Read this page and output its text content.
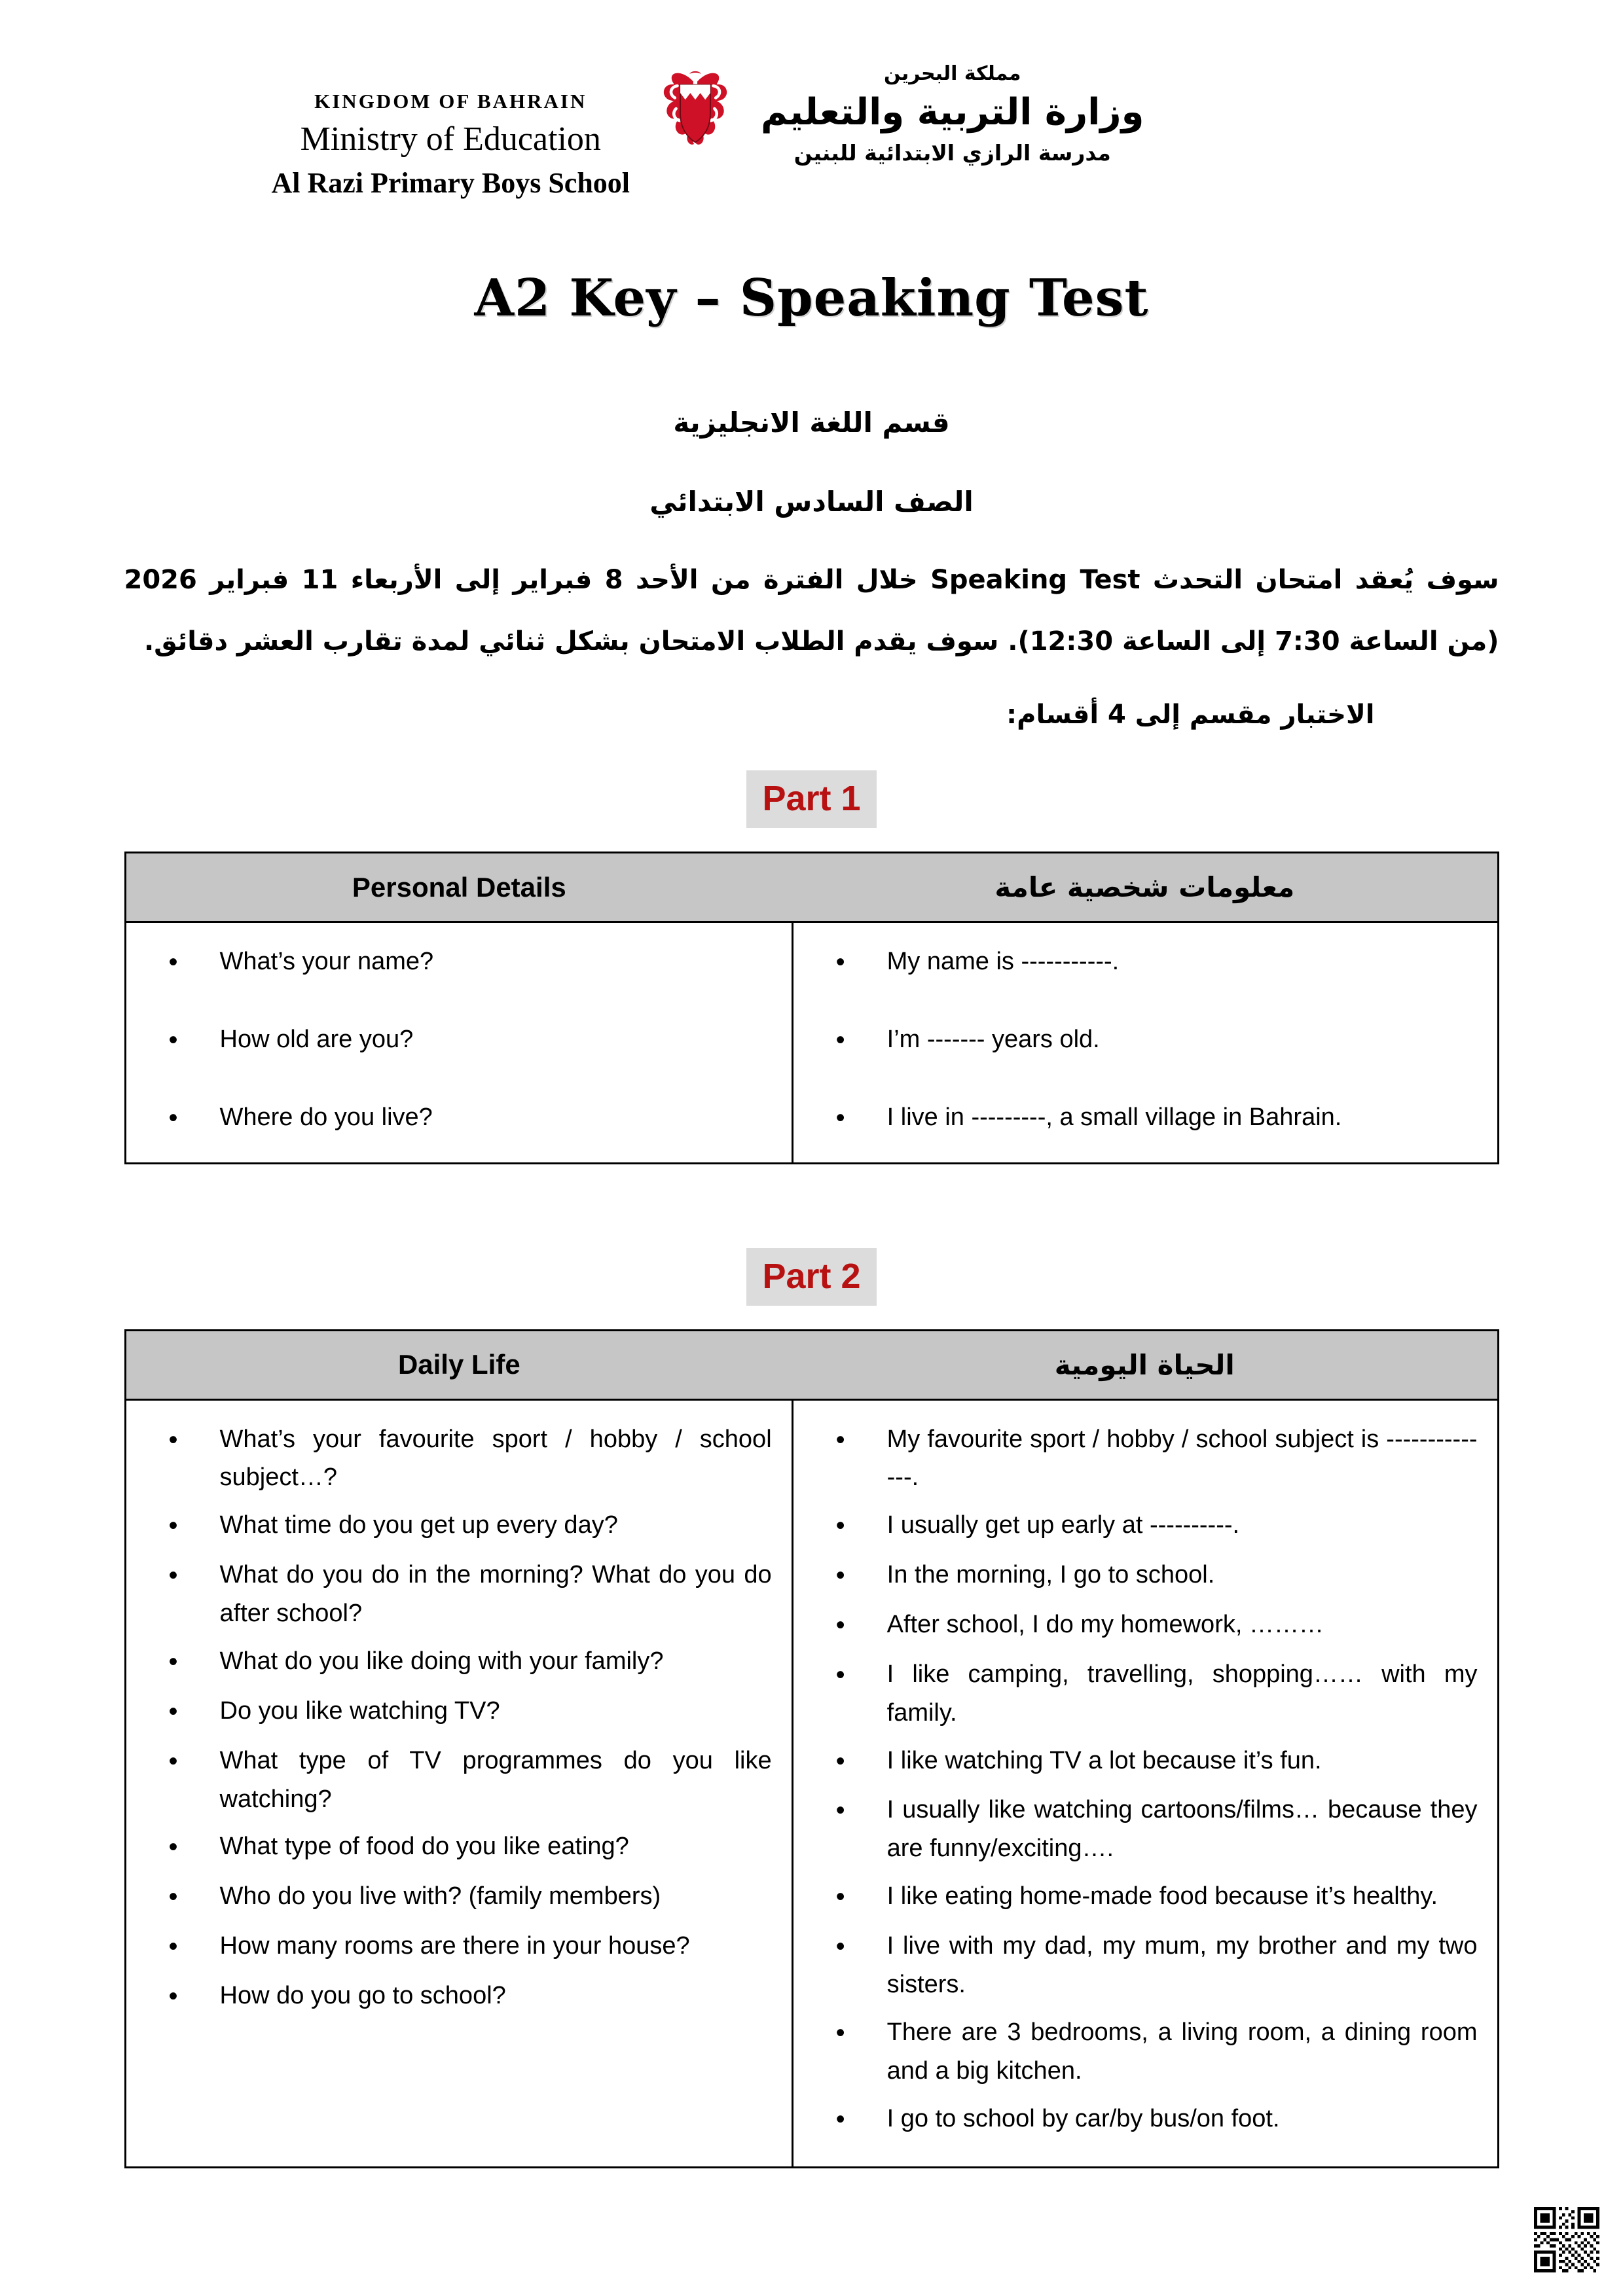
KINGDOM OF BAHRAIN
Ministry of Education
Al Razi Primary Boys School
مملكة البحرين
وزارة التربية والتعليم
مدرسة الرازي الابتدائية للبنين
A2 Key – Speaking Test
قسم اللغة الانجليزية
الصف السادس الابتدائي
سوف يُعقد امتحان التحدث Speaking Test خلال الفترة من الأحد 8 فبراير إلى الأربعاء 11 فبراير 2026 (من الساعة 7:30 إلى الساعة 12:30). سوف يقدم الطلاب الامتحان بشكل ثنائي لمدة تقارب العشر دقائق.
الاختبار مقسم إلى 4 أقسام:
Part 1
Personal Details	معلومات شخصية عامة

•
What’s your name?
•
How old are you?
•
Where do you live?

•
My name is -----------.
•
I’m ------- years old.
•
I live in ---------, a small village in Bahrain.
Part 2
Daily Life	الحياة اليومية

•
What’s your favourite sport / hobby / school subject…?
•
What time do you get up every day?
•
What do you do in the morning? What do you do after school?
•
What do you like doing with your family?
•
Do you like watching TV?
•
What type of TV programmes do you like watching?
•
What type of food do you like eating?
•
Who do you live with? (family members)
•
How many rooms are there in your house?
•
How do you go to school?

•
My favourite sport / hobby / school subject is --------------.
•
I usually get up early at ----------.
•
In the morning, I go to school.
•
After school, I do my homework, ………
•
I like camping, travelling, shopping…… with my family.
•
I like watching TV a lot because it’s fun.
•
I usually like watching cartoons/films… because they are funny/exciting….
•
I like eating home-made food because it’s healthy.
•
I live with my dad, my mum, my brother and my two sisters.
•
There are 3 bedrooms, a living room, a dining room and a big kitchen.
•
I go to school by car/by bus/on foot.
